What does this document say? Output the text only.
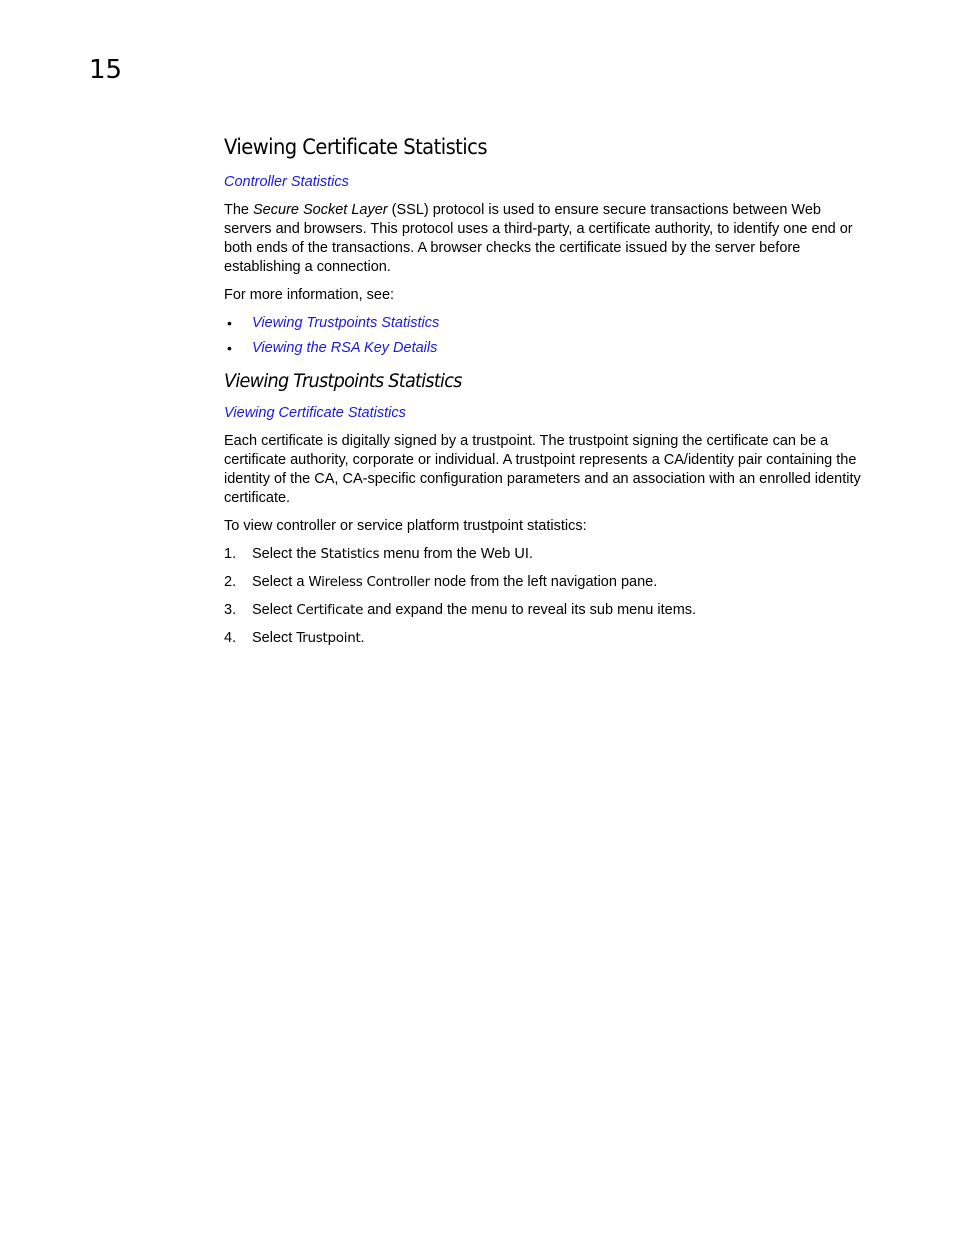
15
Viewing Certificate Statistics
Controller Statistics

The Secure Socket Layer (SSL) protocol is used to ensure secure transactions between Web servers and browsers. This protocol uses a third-party, a certificate authority, to identify one end or both ends of the transactions. A browser checks the certificate issued by the server before establishing a connection.

For more information, see:

• Viewing Trustpoints Statistics
• Viewing the RSA Key Details
Viewing Trustpoints Statistics
Viewing Certificate Statistics

Each certificate is digitally signed by a trustpoint. The trustpoint signing the certificate can be a certificate authority, corporate or individual. A trustpoint represents a CA/identity pair containing the identity of the CA, CA-specific configuration parameters and an association with an enrolled identity certificate.

To view controller or service platform trustpoint statistics:

1. Select the Statistics menu from the Web UI.
2. Select a Wireless Controller node from the left navigation pane.
3. Select Certificate and expand the menu to reveal its sub menu items.
4. Select Trustpoint.
